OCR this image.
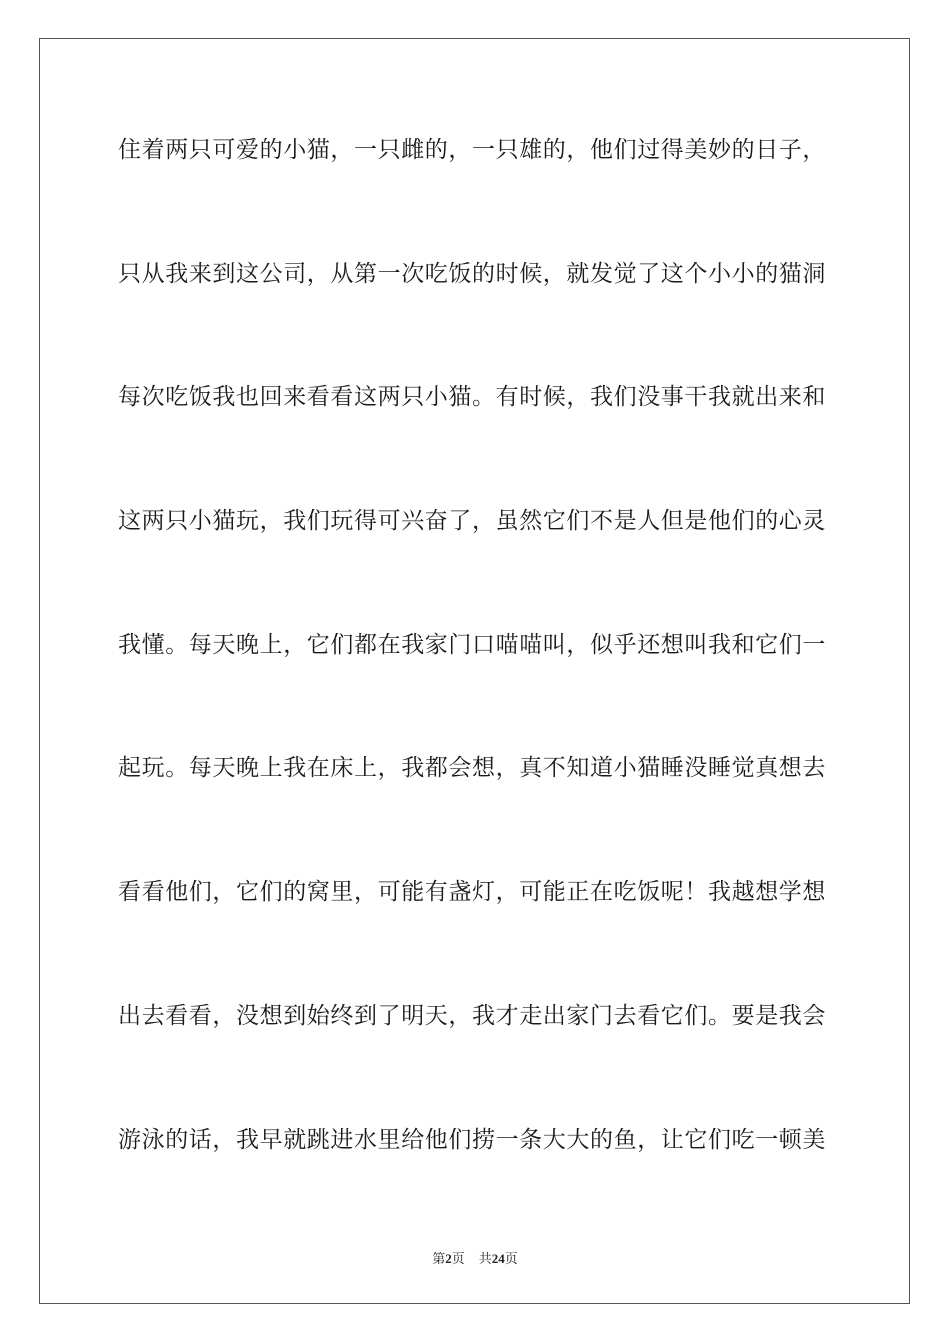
住着两只可爱的小猫，一只雌的，一只雄的，他们过得美妙的日子，
只从我来到这公司，从第一次吃饭的时候，就发觉了这个小小的猫洞
每次吃饭我也回来看看这两只小猫。有时候，我们没事干我就出来和
这两只小猫玩，我们玩得可兴奋了，虽然它们不是人但是他们的心灵
我懂。每天晚上，它们都在我家门口喵喵叫，似乎还想叫我和它们一
起玩。每天晚上我在床上，我都会想，真不知道小猫睡没睡觉真想去
看看他们，它们的窝里，可能有盏灯，可能正在吃饭呢！我越想学想
出去看看，没想到始终到了明天，我才走出家门去看它们。要是我会
游泳的话，我早就跳进水里给他们捞一条大大的鱼，让它们吃一顿美
第2页 共24页
